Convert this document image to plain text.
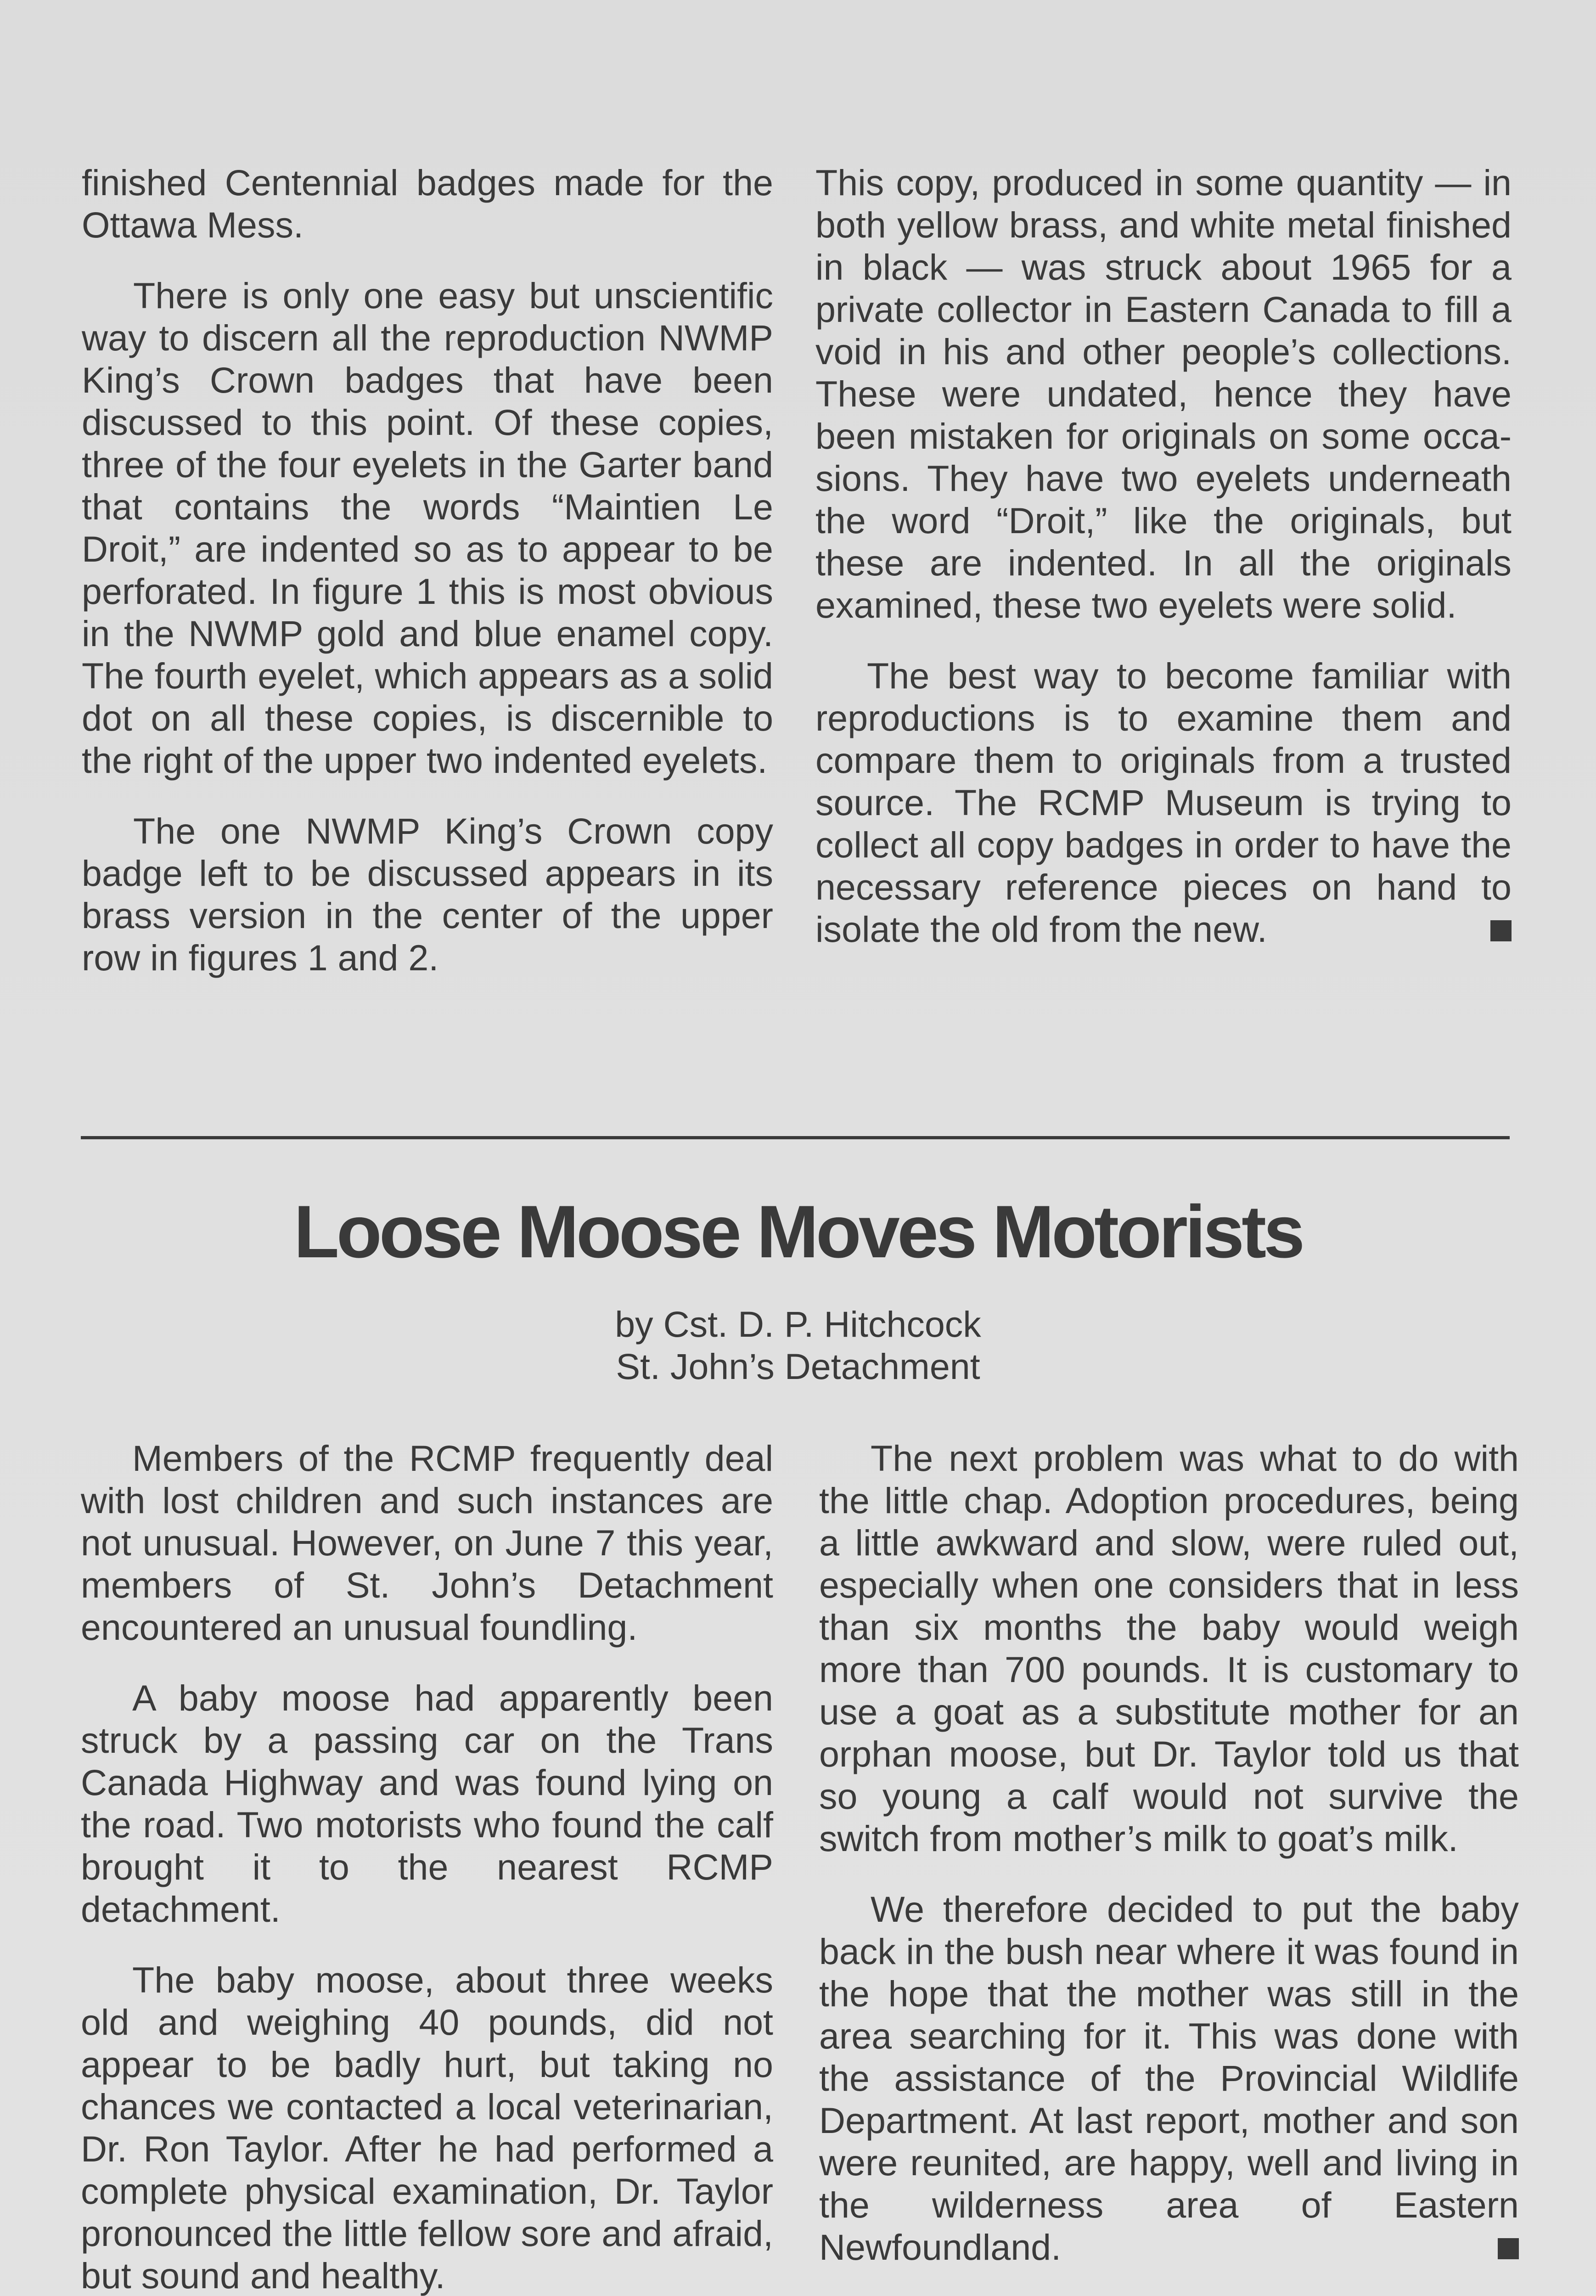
finished Centennial badges made for the Ottawa Mess.

There is only one easy but unscientific way to discern all the reproduction NWMP King’s Crown badges that have been discussed to this point. Of these copies, three of the four eyelets in the Garter band that contains the words “Maintien Le Droit,” are indented so as to appear to be perforated. In figure 1 this is most obvious in the NWMP gold and blue enamel copy. The fourth eyelet, which appears as a solid dot on all these copies, is discernible to the right of the upper two indented eyelets.

The one NWMP King’s Crown copy badge left to be discussed appears in its brass version in the center of the upper row in figures 1 and 2.

This copy, produced in some quantity — in both yellow brass, and white metal finished in black — was struck about 1965 for a private collector in Eastern Canada to fill a void in his and other people’s collections. These were undated, hence they have been mistaken for originals on some occasions. They have two eyelets underneath the word “Droit,” like the originals, but these are indented. In all the originals examined, these two eyelets were solid.

The best way to become familiar with reproductions is to examine them and compare them to originals from a trusted source. The RCMP Museum is trying to collect all copy badges in order to have the necessary reference pieces on hand to isolate the old from the new.

Loose Moose Moves Motorists
by Cst. D. P. Hitchcock
St. John’s Detachment

Members of the RCMP frequently deal with lost children and such instances are not unusual. However, on June 7 this year, members of St. John’s Detachment encountered an unusual foundling.

A baby moose had apparently been struck by a passing car on the Trans Canada Highway and was found lying on the road. Two motorists who found the calf brought it to the nearest RCMP detachment.

The baby moose, about three weeks old and weighing 40 pounds, did not appear to be badly hurt, but taking no chances we contacted a local veterinarian, Dr. Ron Taylor. After he had performed a complete physical examination, Dr. Taylor pronounced the little fellow sore and afraid, but sound and healthy.

The next problem was what to do with the little chap. Adoption procedures, being a little awkward and slow, were ruled out, especially when one considers that in less than six months the baby would weigh more than 700 pounds. It is customary to use a goat as a substitute mother for an orphan moose, but Dr. Taylor told us that so young a calf would not survive the switch from mother’s milk to goat’s milk.

We therefore decided to put the baby back in the bush near where it was found in the hope that the mother was still in the area searching for it. This was done with the assistance of the Provincial Wildlife Department. At last report, mother and son were reunited, are happy, well and living in the wilderness area of Eastern Newfoundland.
